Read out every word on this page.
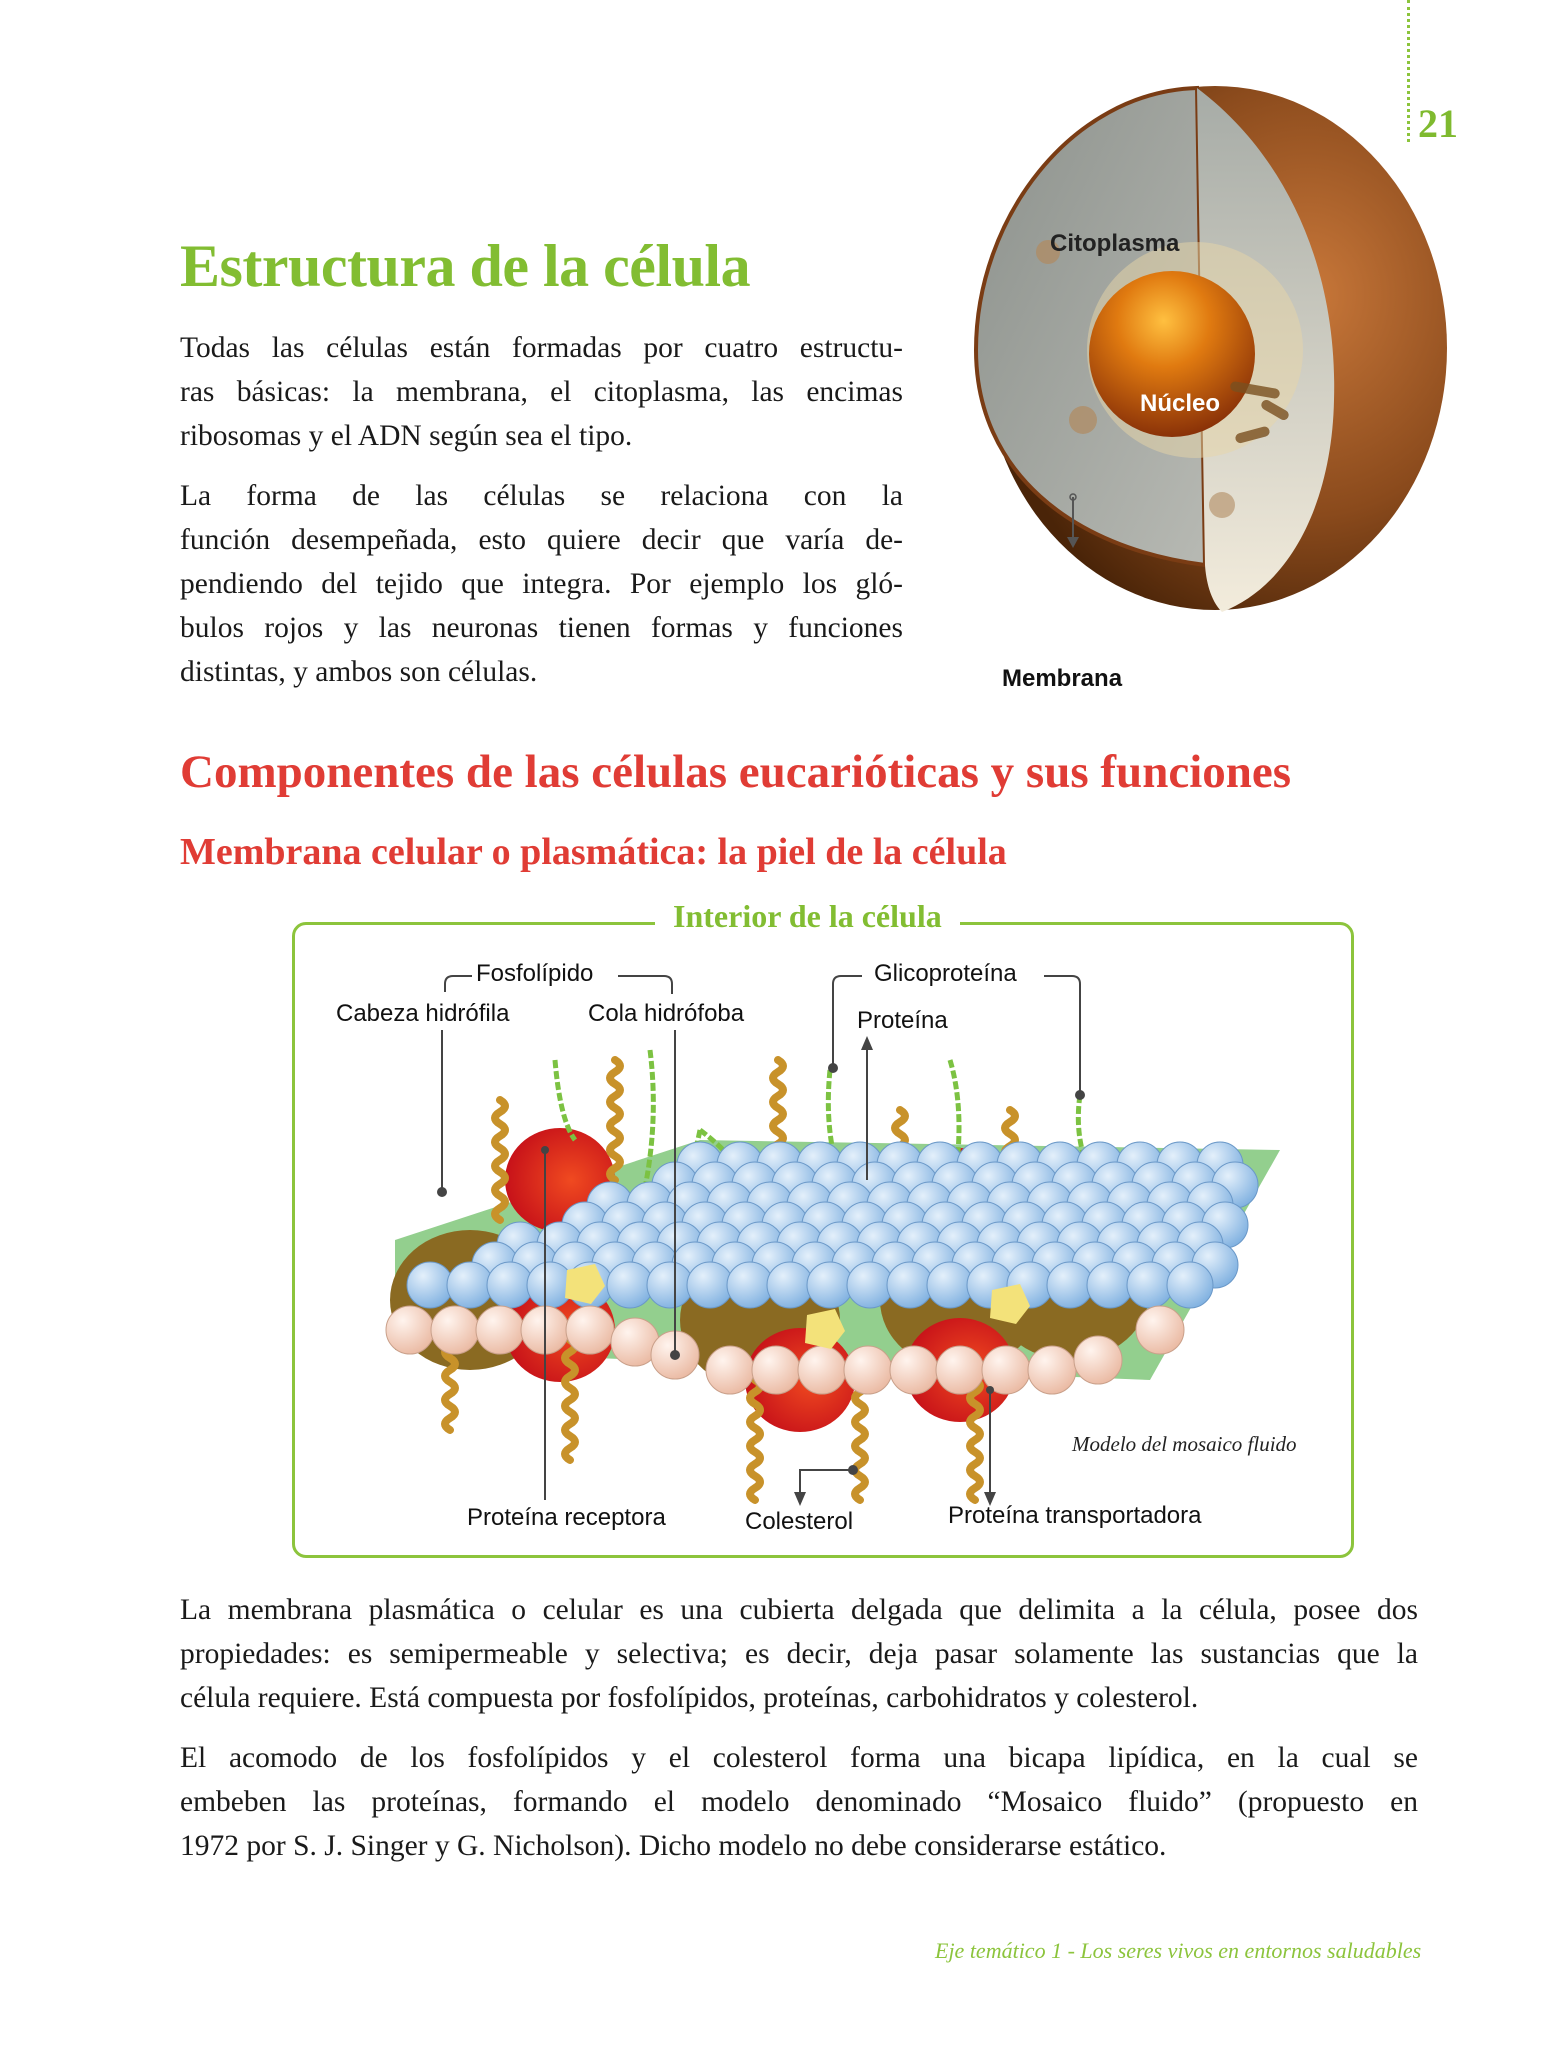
21
Estructura de la célula
Todas las células están formadas por cuatro estructu-
ras básicas: la membrana, el citoplasma, las encimas
ribosomas y el ADN según sea el tipo.
La forma de las células se relaciona con la
función desempeñada, esto quiere decir que varía de-
pendiendo del tejido que integra. Por ejemplo los gló-
bulos rojos y las neuronas tienen formas y funciones
distintas, y ambos son células.
Citoplasma
Núcleo
Membrana
Componentes de las células eucarióticas y sus funciones
Membrana celular o plasmática: la piel de la célula
Interior de la célula
Fosfolípido
Cabeza hidrófila	Cola hidrófoba
Glicoproteína
Proteína
Proteína receptora	Colesterol	Proteína transportadora
Modelo del mosaico fluido
La membrana plasmática o celular es una cubierta delgada que delimita a la célula, posee dos
propiedades: es semipermeable y selectiva; es decir, deja pasar solamente las sustancias que la
célula requiere. Está compuesta por fosfolípidos, proteínas, carbohidratos y colesterol.
El acomodo de los fosfolípidos y el colesterol forma una bicapa lipídica, en la cual se
embeben las proteínas, formando el modelo denominado “Mosaico fluido” (propuesto en
1972 por S. J. Singer y G. Nicholson). Dicho modelo no debe considerarse estático.
Eje temático 1 - Los seres vivos en entornos saludables
